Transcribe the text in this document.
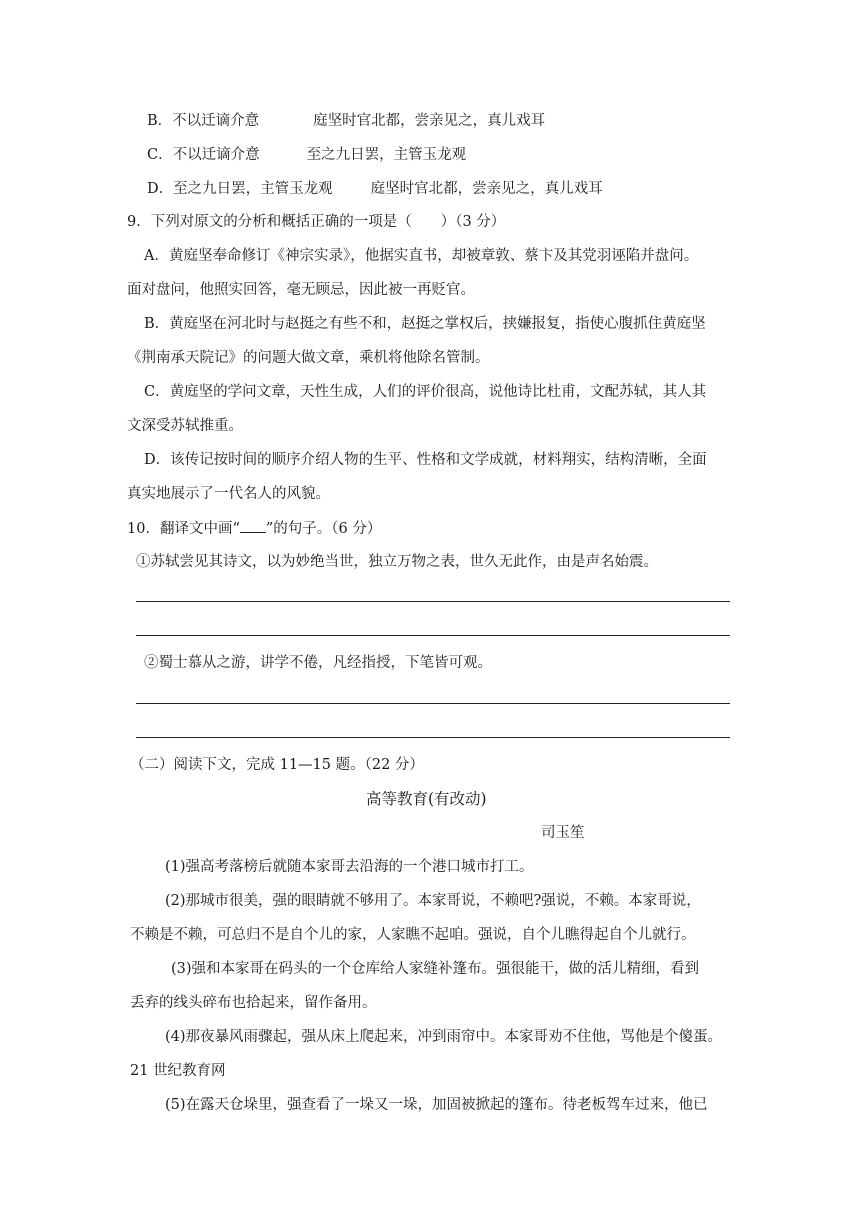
B．不以迁谪介意	庭坚时官北都，尝亲见之，真儿戏耳
C．不以迁谪介意	至之九日罢，主管玉龙观
D．至之九日罢，主管玉龙观	庭坚时官北都，尝亲见之，真儿戏耳
9．下列对原文的分析和概括正确的一项是（　　）（3 分）
A．黄庭坚奉命修订《神宗实录》，他据实直书，却被章敦、蔡卞及其党羽诬陷并盘问。
面对盘问，他照实回答，毫无顾忌，因此被一再贬官。
B．黄庭坚在河北时与赵挺之有些不和，赵挺之掌权后，挟嫌报复，指使心腹抓住黄庭坚
《荆南承天院记》的问题大做文章，乘机将他除名管制。
C．黄庭坚的学问文章，天性生成，人们的评价很高，说他诗比杜甫，文配苏轼，其人其
文深受苏轼推重。
D．该传记按时间的顺序介绍人物的生平、性格和文学成就，材料翔实，结构清晰，全面
真实地展示了一代名人的风貌。
10．翻译文中画“ ”的句子。（6 分）
①苏轼尝见其诗文，以为妙绝当世，独立万物之表，世久无此作，由是声名始震。
②蜀士慕从之游，讲学不倦，凡经指授，下笔皆可观。
（二）阅读下文，完成 11—15 题。（22 分）
高等教育(有改动)
司玉笙
(1)强高考落榜后就随本家哥去沿海的一个港口城市打工。
(2)那城市很美，强的眼睛就不够用了。本家哥说，不赖吧?强说，不赖。本家哥说，
不赖是不赖，可总归不是自个儿的家，人家瞧不起咱。强说，自个儿瞧得起自个儿就行。
(3)强和本家哥在码头的一个仓库给人家缝补篷布。强很能干，做的活儿精细，看到
丢弃的线头碎布也拾起来，留作备用。
(4)那夜暴风雨骤起，强从床上爬起来，冲到雨帘中。本家哥劝不住他，骂他是个傻蛋。
21 世纪教育网
(5)在露天仓垛里，强查看了一垛又一垛，加固被掀起的篷布。待老板驾车过来，他已
